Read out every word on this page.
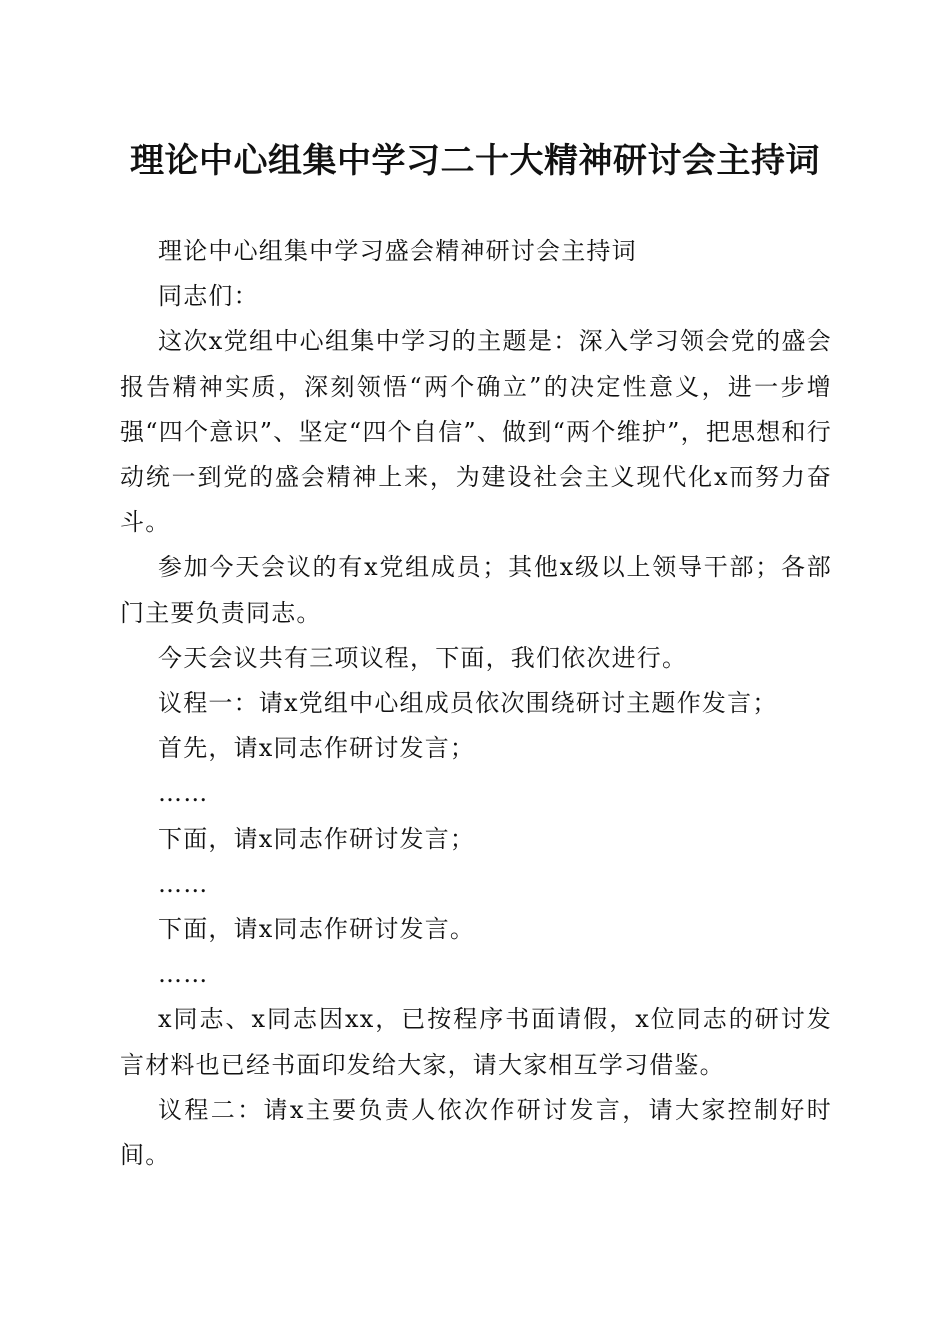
理论中心组集中学习二十大精神研讨会主持词

理论中心组集中学习盛会精神研讨会主持词

同志们：

这次x党组中心组集中学习的主题是：深入学习领会党的盛会报告精神实质，深刻领悟“两个确立”的决定性意义，进一步增强“四个意识”、坚定“四个自信”、做到“两个维护”，把思想和行动统一到党的盛会精神上来，为建设社会主义现代化x而努力奋斗。

参加今天会议的有x党组成员；其他x级以上领导干部；各部门主要负责同志。

今天会议共有三项议程，下面，我们依次进行。

议程一：请x党组中心组成员依次围绕研讨主题作发言；

首先，请x同志作研讨发言；

……

下面，请x同志作研讨发言；

……

下面，请x同志作研讨发言。

……

x同志、x同志因xx，已按程序书面请假，x位同志的研讨发言材料也已经书面印发给大家，请大家相互学习借鉴。

议程二：请x主要负责人依次作研讨发言，请大家控制好时间。
